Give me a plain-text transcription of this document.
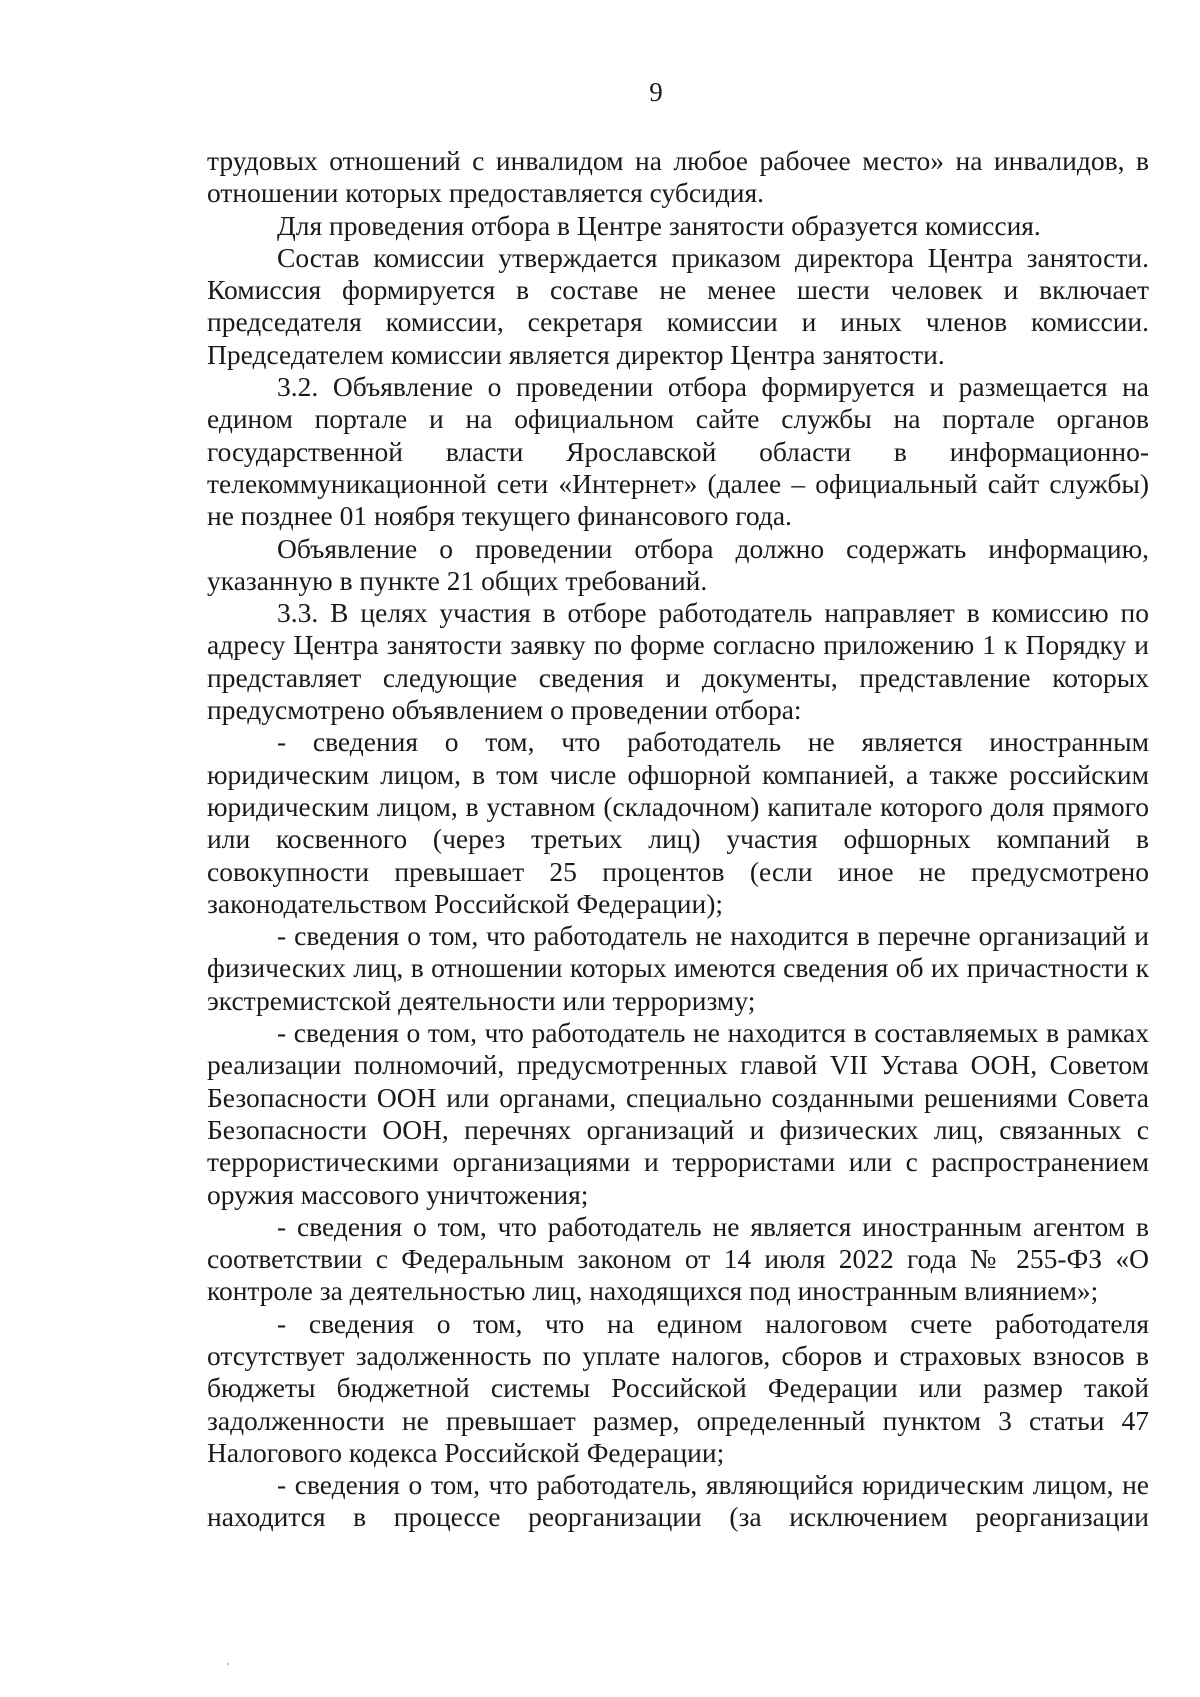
9

трудовых отношений с инвалидом на любое рабочее место» на инвалидов, в отношении которых предоставляется субсидия.

Для проведения отбора в Центре занятости образуется комиссия.

Состав комиссии утверждается приказом директора Центра занятости. Комиссия формируется в составе не менее шести человек и включает председателя комиссии, секретаря комиссии и иных членов комиссии. Председателем комиссии является директор Центра занятости.

3.2. Объявление о проведении отбора формируется и размещается на едином портале и на официальном сайте службы на портале органов государственной власти Ярославской области в информационно-телекоммуникационной сети «Интернет» (далее – официальный сайт службы) не позднее 01 ноября текущего финансового года.

Объявление о проведении отбора должно содержать информацию, указанную в пункте 21 общих требований.

3.3. В целях участия в отборе работодатель направляет в комиссию по адресу Центра занятости заявку по форме согласно приложению 1 к Порядку и представляет следующие сведения и документы, представление которых предусмотрено объявлением о проведении отбора:

- сведения о том, что работодатель не является иностранным юридическим лицом, в том числе офшорной компанией, а также российским юридическим лицом, в уставном (складочном) капитале которого доля прямого или косвенного (через третьих лиц) участия офшорных компаний в совокупности превышает 25 процентов (если иное не предусмотрено законодательством Российской Федерации);

- сведения о том, что работодатель не находится в перечне организаций и физических лиц, в отношении которых имеются сведения об их причастности к экстремистской деятельности или терроризму;

- сведения о том, что работодатель не находится в составляемых в рамках реализации полномочий, предусмотренных главой VII Устава ООН, Советом Безопасности ООН или органами, специально созданными решениями Совета Безопасности ООН, перечнях организаций и физических лиц, связанных с террористическими организациями и террористами или с распространением оружия массового уничтожения;

- сведения о том, что работодатель не является иностранным агентом в соответствии с Федеральным законом от 14 июля 2022 года № 255-ФЗ «О контроле за деятельностью лиц, находящихся под иностранным влиянием»;

- сведения о том, что на едином налоговом счете работодателя отсутствует задолженность по уплате налогов, сборов и страховых взносов в бюджеты бюджетной системы Российской Федерации или размер такой задолженности не превышает размер, определенный пунктом 3 статьи 47 Налогового кодекса Российской Федерации;

- сведения о том, что работодатель, являющийся юридическим лицом, не находится в процессе реорганизации (за исключением реорганизации
